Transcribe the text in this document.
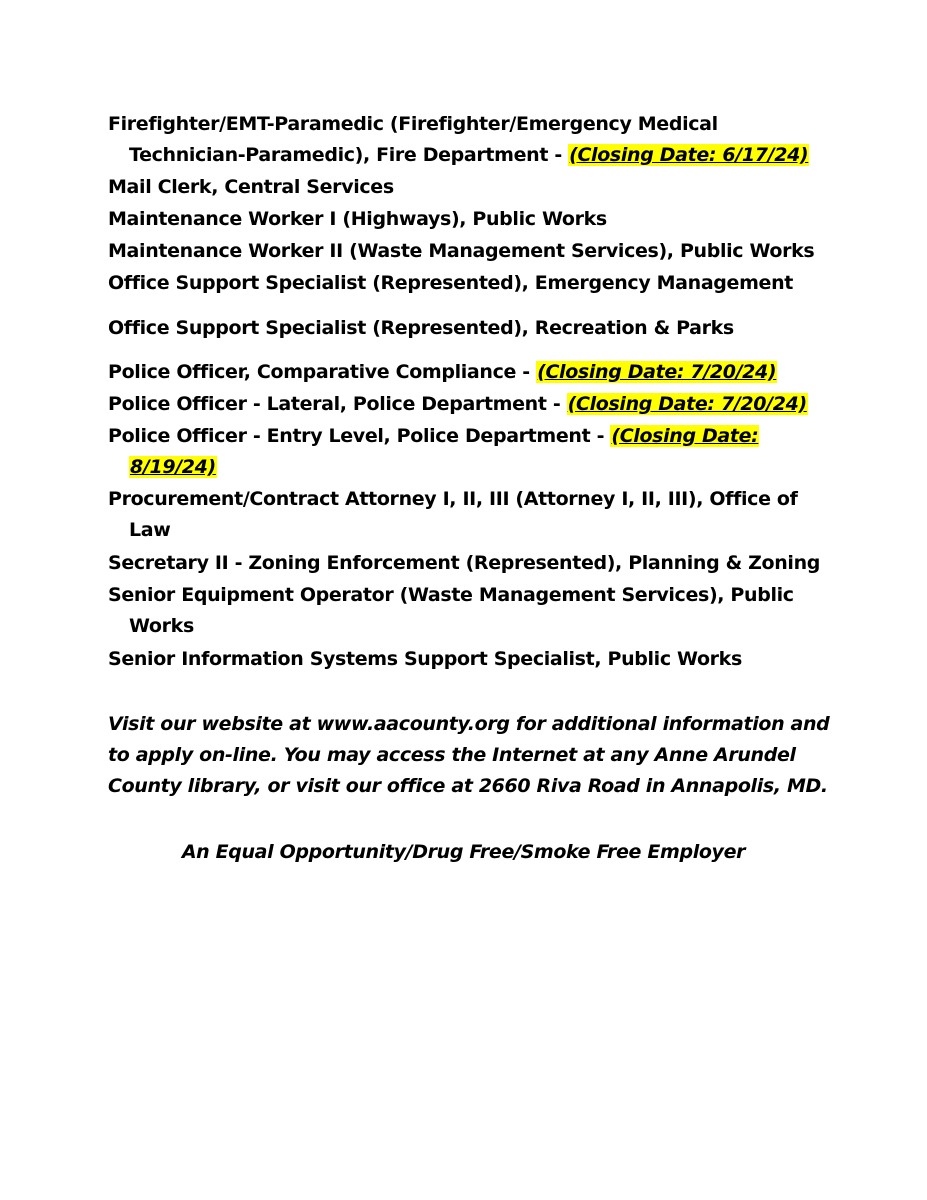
Firefighter/EMT-Paramedic (Firefighter/Emergency Medical
Technician-Paramedic), Fire Department - (Closing Date: 6/17/24)
Mail Clerk, Central Services
Maintenance Worker I (Highways), Public Works
Maintenance Worker II (Waste Management Services), Public Works
Office Support Specialist (Represented), Emergency Management
Office Support Specialist (Represented), Recreation & Parks
Police Officer, Comparative Compliance - (Closing Date: 7/20/24)
Police Officer - Lateral, Police Department - (Closing Date: 7/20/24)
Police Officer - Entry Level, Police Department - (Closing Date:
8/19/24)
Procurement/Contract Attorney I, II, III (Attorney I, II, III), Office of
Law
Secretary II - Zoning Enforcement (Represented), Planning & Zoning
Senior Equipment Operator (Waste Management Services), Public
Works
Senior Information Systems Support Specialist, Public Works
Visit our website at www.aacounty.org for additional information and
to apply on-line. You may access the Internet at any Anne Arundel
County library, or visit our office at 2660 Riva Road in Annapolis, MD.
An Equal Opportunity/Drug Free/Smoke Free Employer
